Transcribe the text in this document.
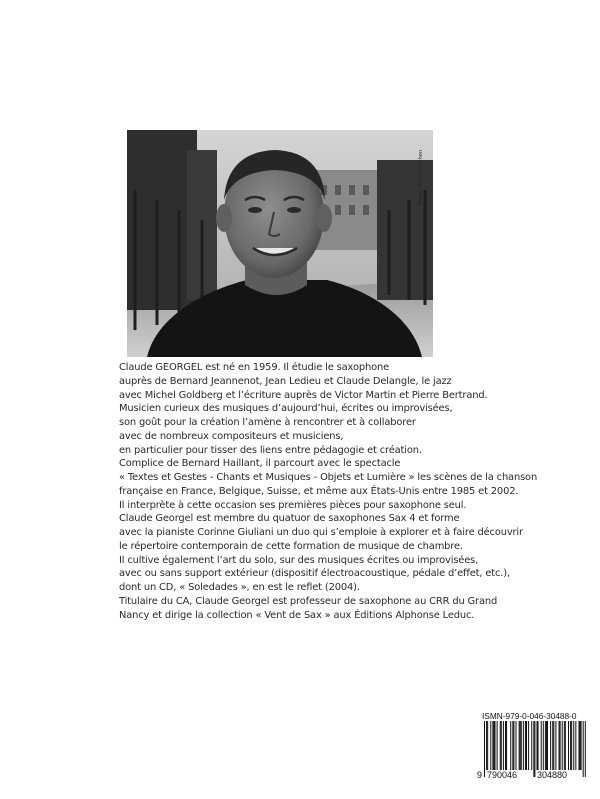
Photo : Michel Cochon
Claude GEORGEL est né en 1959. Il étudie le saxophone
auprès de Bernard Jeannenot, Jean Ledieu et Claude Delangle, le jazz
avec Michel Goldberg et l’écriture auprès de Victor Martin et Pierre Bertrand.
Musicien curieux des musiques d’aujourd’hui, écrites ou improvisées,
son goût pour la création l’amène à rencontrer et à collaborer
avec de nombreux compositeurs et musiciens,
en particulier pour tisser des liens entre pédagogie et création.
Complice de Bernard Haillant, il parcourt avec le spectacle
« Textes et Gestes - Chants et Musiques - Objets et Lumière » les scènes de la chanson
française en France, Belgique, Suisse, et même aux États-Unis entre 1985 et 2002.
Il interprète à cette occasion ses premières pièces pour saxophone seul.
Claude Georgel est membre du quatuor de saxophones Sax 4 et forme
avec la pianiste Corinne Giuliani un duo qui s’emploie à explorer et à faire découvrir
le répertoire contemporain de cette formation de musique de chambre.
Il cultive également l’art du solo, sur des musiques écrites ou improvisées,
avec ou sans support extérieur (dispositif électroacoustique, pédale d’effet, etc.),
dont un CD, « Soledades », en est le reflet (2004).
Titulaire du CA, Claude Georgel est professeur de saxophone au CRR du Grand
Nancy et dirige la collection « Vent de Sax » aux Éditions Alphonse Leduc.
ISMN-979-0-046-30488-0
9 790046 304880
